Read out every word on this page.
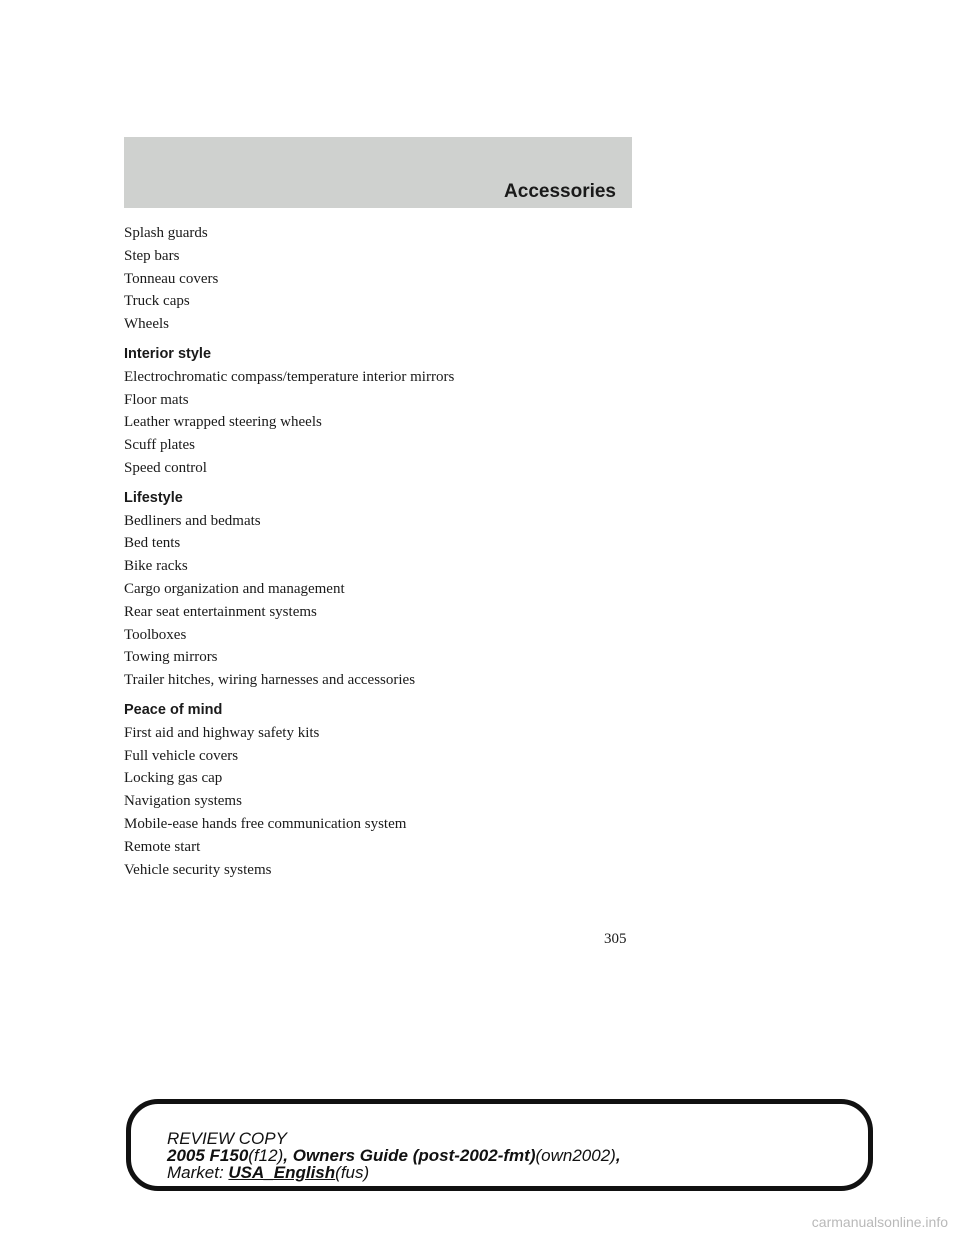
Accessories
Splash guards
Step bars
Tonneau covers
Truck caps
Wheels
Interior style
Electrochromatic compass/temperature interior mirrors
Floor mats
Leather wrapped steering wheels
Scuff plates
Speed control
Lifestyle
Bedliners and bedmats
Bed tents
Bike racks
Cargo organization and management
Rear seat entertainment systems
Toolboxes
Towing mirrors
Trailer hitches, wiring harnesses and accessories
Peace of mind
First aid and highway safety kits
Full vehicle covers
Locking gas cap
Navigation systems
Mobile-ease hands free communication system
Remote start
Vehicle security systems
305
REVIEW COPY
2005 F150(f12), Owners Guide (post-2002-fmt)(own2002),
Market: USA_English(fus)
carmanualsonline.info
